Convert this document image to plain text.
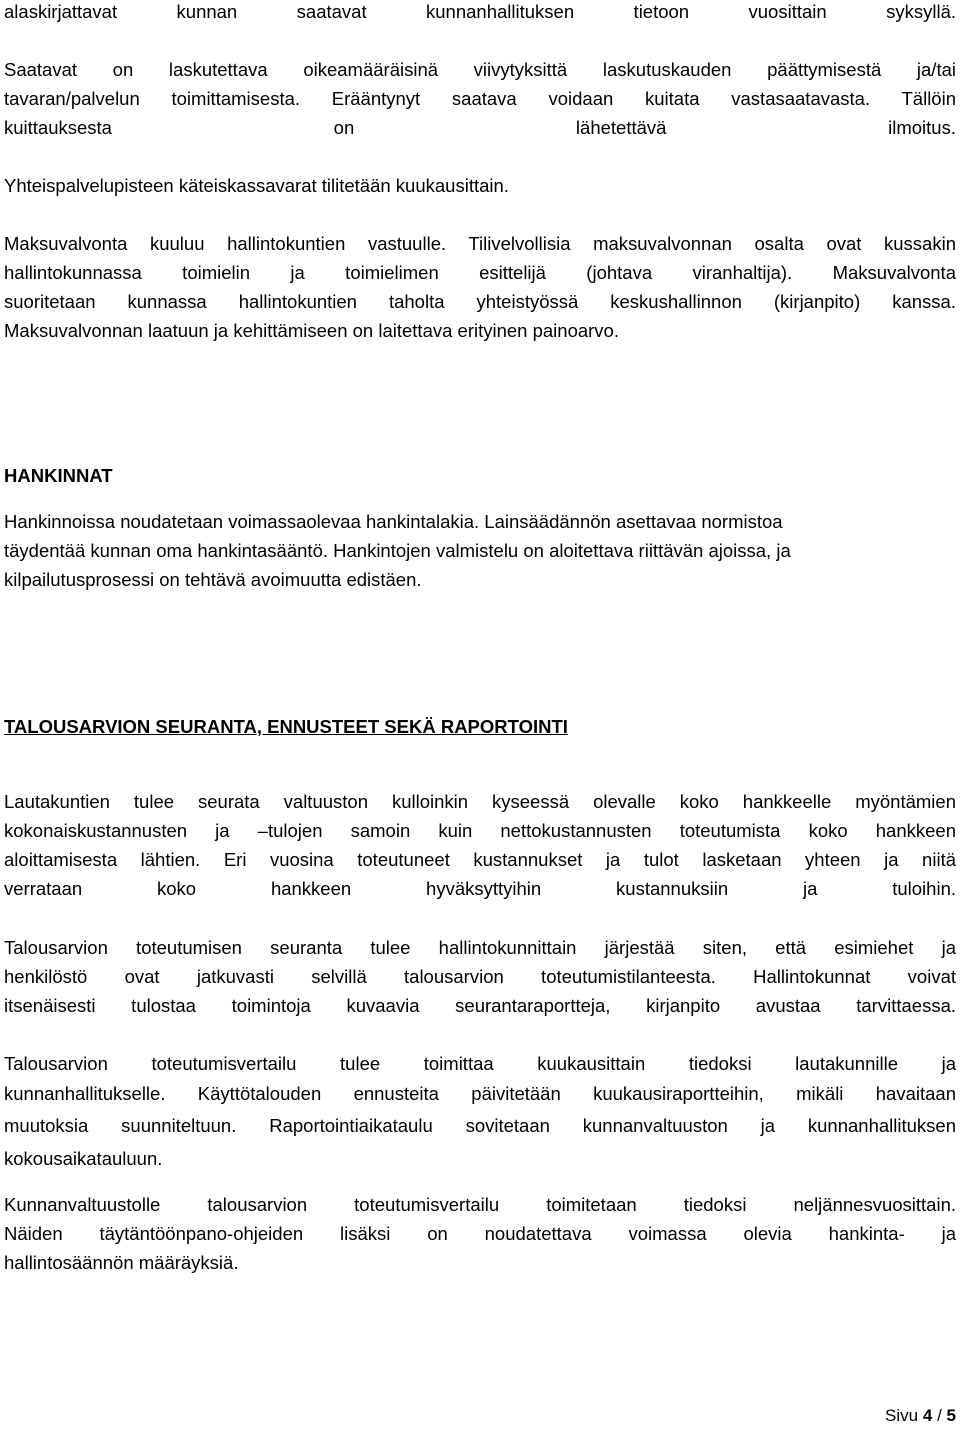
alaskirjattavat kunnan saatavat kunnanhallituksen tietoon vuosittain syksyllä.
Saatavat on laskutettava oikeamääräisinä viivytyksittä laskutuskauden päättymisestä ja/tai
tavaran/palvelun toimittamisesta. Erääntynyt saatava voidaan kuitata vastasaatavasta. Tällöin
kuittauksesta on lähetettävä ilmoitus.
Yhteispalvelupisteen käteiskassavarat tilitetään kuukausittain.
Maksuvalvonta kuuluu hallintokuntien vastuulle. Tilivelvollisia maksuvalvonnan osalta ovat kussakin
hallintokunnassa toimielin ja toimielimen esittelijä (johtava viranhaltija). Maksuvalvonta
suoritetaan kunnassa hallintokuntien taholta yhteistyössä keskushallinnon (kirjanpito) kanssa.
Maksuvalvonnan laatuun ja kehittämiseen on laitettava erityinen painoarvo.
HANKINNAT
Hankinnoissa noudatetaan voimassaolevaa hankintalakia. Lainsäädännön asettavaa normistoa
täydentää kunnan oma hankintasääntö. Hankintojen valmistelu on aloitettava riittävän ajoissa, ja
kilpailutusprosessi on tehtävä avoimuutta edistäen.
TALOUSARVION SEURANTA, ENNUSTEET SEKÄ RAPORTOINTI
Lautakuntien tulee seurata valtuuston kulloinkin kyseessä olevalle koko hankkeelle myöntämien
kokonaiskustannusten ja –tulojen samoin kuin nettokustannusten toteutumista koko hankkeen
aloittamisesta lähtien. Eri vuosina toteutuneet kustannukset ja tulot lasketaan yhteen ja niitä
verrataan koko hankkeen hyväksyttyihin kustannuksiin ja tuloihin.
Talousarvion toteutumisen seuranta tulee hallintokunnittain järjestää siten, että esimiehet ja
henkilöstö ovat jatkuvasti selvillä talousarvion toteutumistilanteesta. Hallintokunnat voivat
itsenäisesti tulostaa toimintoja kuvaavia seurantaraportteja, kirjanpito avustaa tarvittaessa.
Talousarvion toteutumisvertailu tulee toimittaa kuukausittain tiedoksi lautakunnille ja
kunnanhallitukselle. Käyttötalouden ennusteita päivitetään kuukausiraportteihin, mikäli havaitaan
muutoksia suunniteltuun. Raportointiaikataulu sovitetaan kunnanvaltuuston ja kunnanhallituksen
kokousaikatauluun.
Kunnanvaltuustolle talousarvion toteutumisvertailu toimitetaan tiedoksi neljännesvuosittain.
Näiden täytäntöönpano-ohjeiden lisäksi on noudatettava voimassa olevia hankinta- ja
hallintosäännön määräyksiä.
Sivu 4 / 5
